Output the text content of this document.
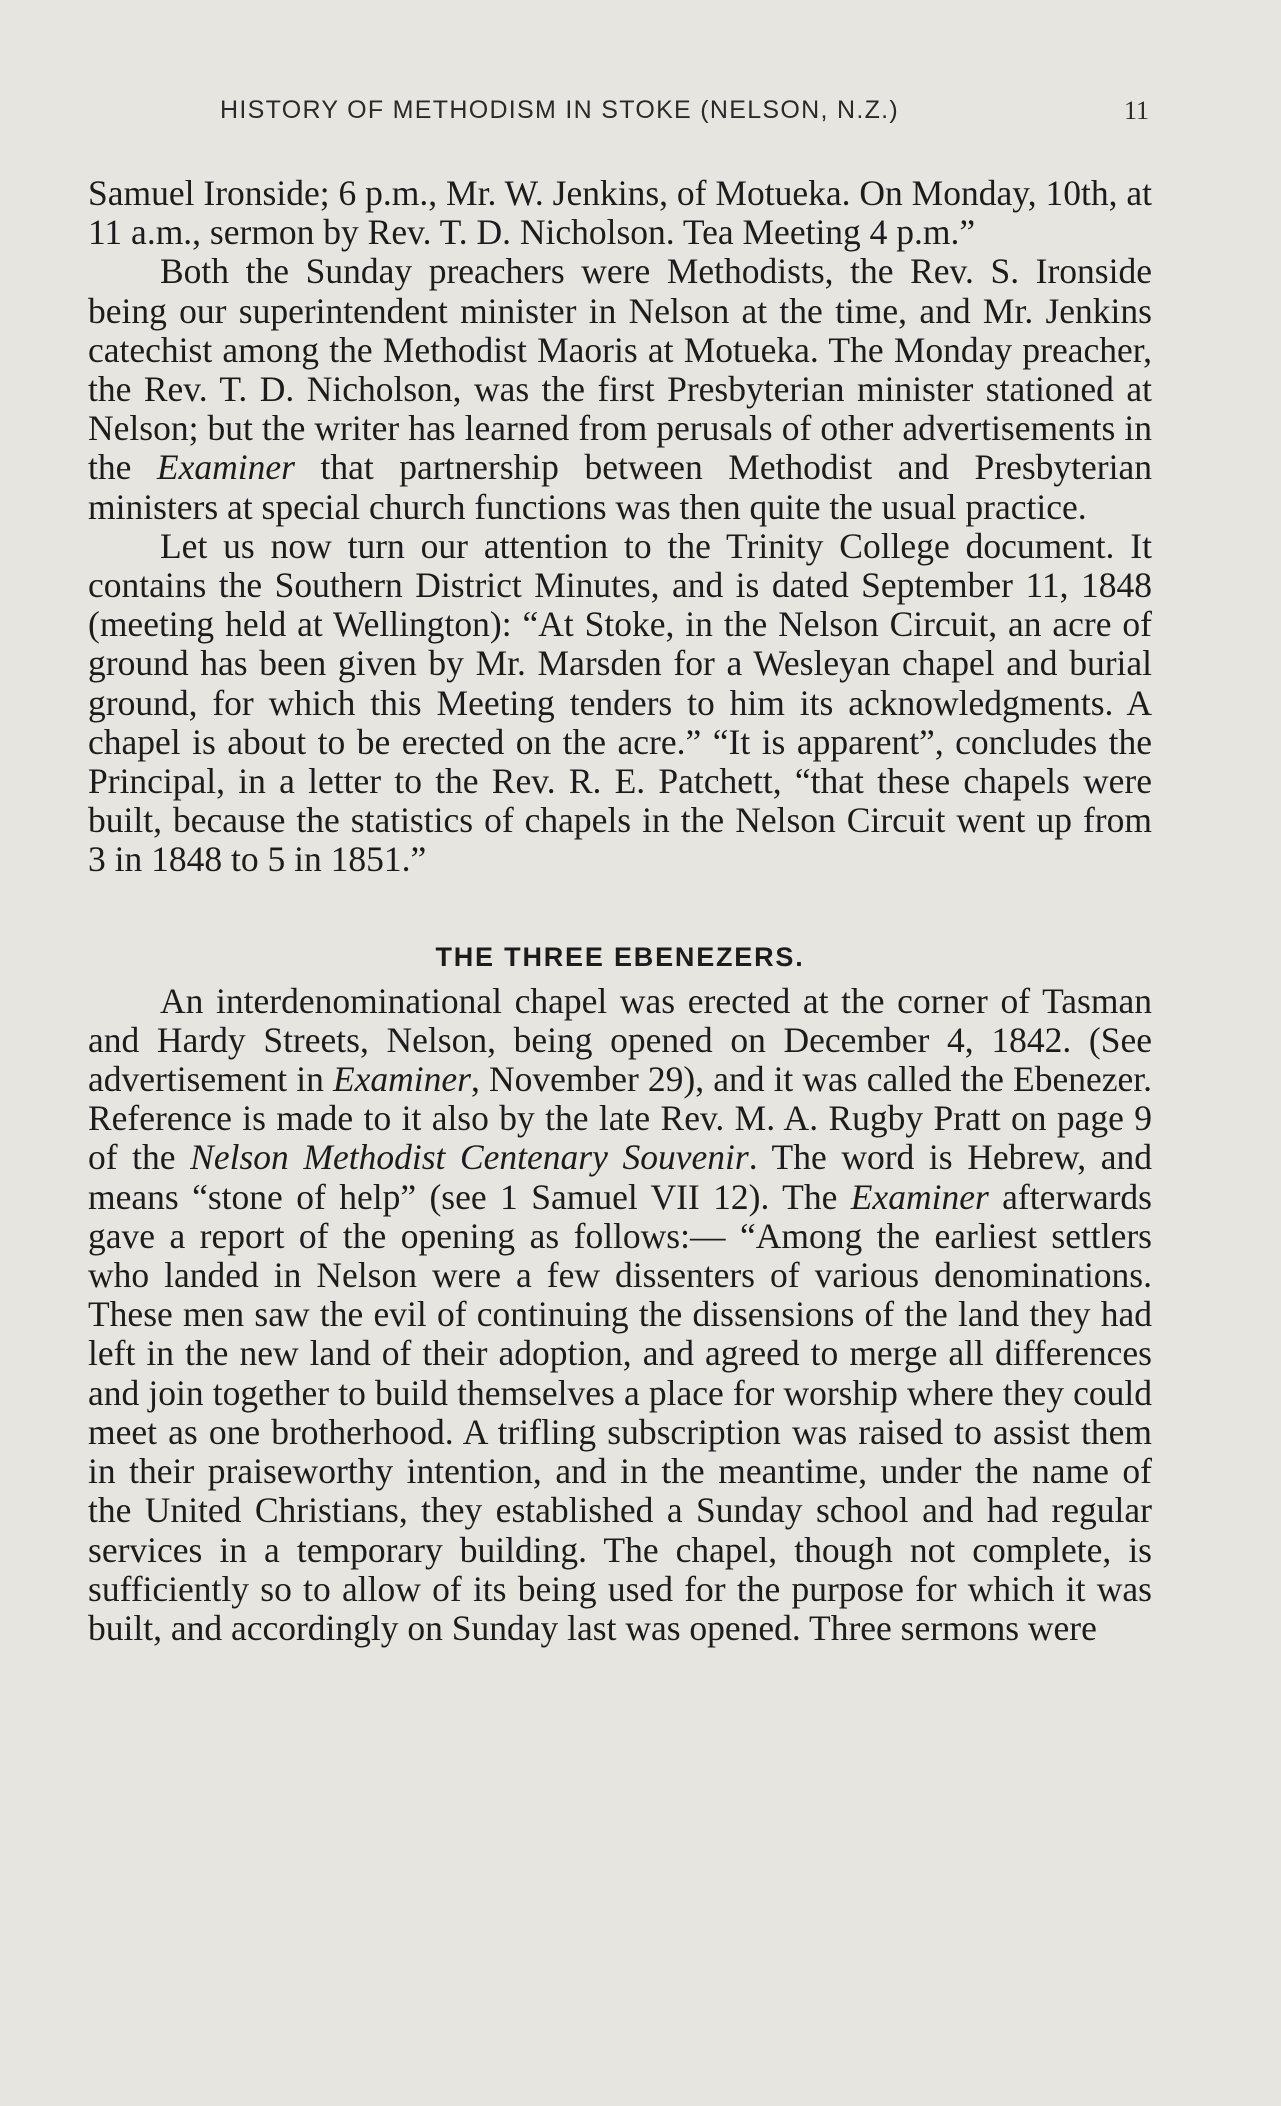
HISTORY OF METHODISM IN STOKE (NELSON, N.Z.)	11

Samuel Ironside; 6 p.m., Mr. W. Jenkins, of Motueka. On Monday, 10th, at 11 a.m., sermon by Rev. T. D. Nicholson. Tea Meeting 4 p.m.”

Both the Sunday preachers were Methodists, the Rev. S. Ironside being our superintendent minister in Nelson at the time, and Mr. Jenkins catechist among the Methodist Maoris at Motueka. The Monday preacher, the Rev. T. D. Nicholson, was the first Presbyterian minister stationed at Nelson; but the writer has learned from perusals of other advertisements in the Examiner that partnership between Methodist and Presbyterian ministers at special church functions was then quite the usual practice.

Let us now turn our attention to the Trinity College document. It contains the Southern District Minutes, and is dated September 11, 1848 (meeting held at Wellington): “At Stoke, in the Nelson Circuit, an acre of ground has been given by Mr. Marsden for a Wesleyan chapel and burial ground, for which this Meeting tenders to him its acknowledgments. A chapel is about to be erected on the acre.” “It is apparent”, concludes the Principal, in a letter to the Rev. R. E. Patchett, “that these chapels were built, because the statistics of chapels in the Nelson Circuit went up from 3 in 1848 to 5 in 1851.”

THE THREE EBENEZERS.

An interdenominational chapel was erected at the corner of Tasman and Hardy Streets, Nelson, being opened on December 4, 1842. (See advertisement in Examiner, November 29), and it was called the Ebenezer. Reference is made to it also by the late Rev. M. A. Rugby Pratt on page 9 of the Nelson Methodist Centenary Souvenir. The word is Hebrew, and means “stone of help” (see 1 Samuel VII 12). The Examiner afterwards gave a report of the opening as follows:— “Among the earliest settlers who landed in Nelson were a few dissenters of various denominations. These men saw the evil of continuing the dissensions of the land they had left in the new land of their adoption, and agreed to merge all differences and join together to build themselves a place for worship where they could meet as one brotherhood. A trifling subscription was raised to assist them in their praiseworthy intention, and in the meantime, under the name of the United Christians, they established a Sunday school and had regular services in a temporary building. The chapel, though not complete, is sufficiently so to allow of its being used for the purpose for which it was built, and accordingly on Sunday last was opened. Three sermons were
